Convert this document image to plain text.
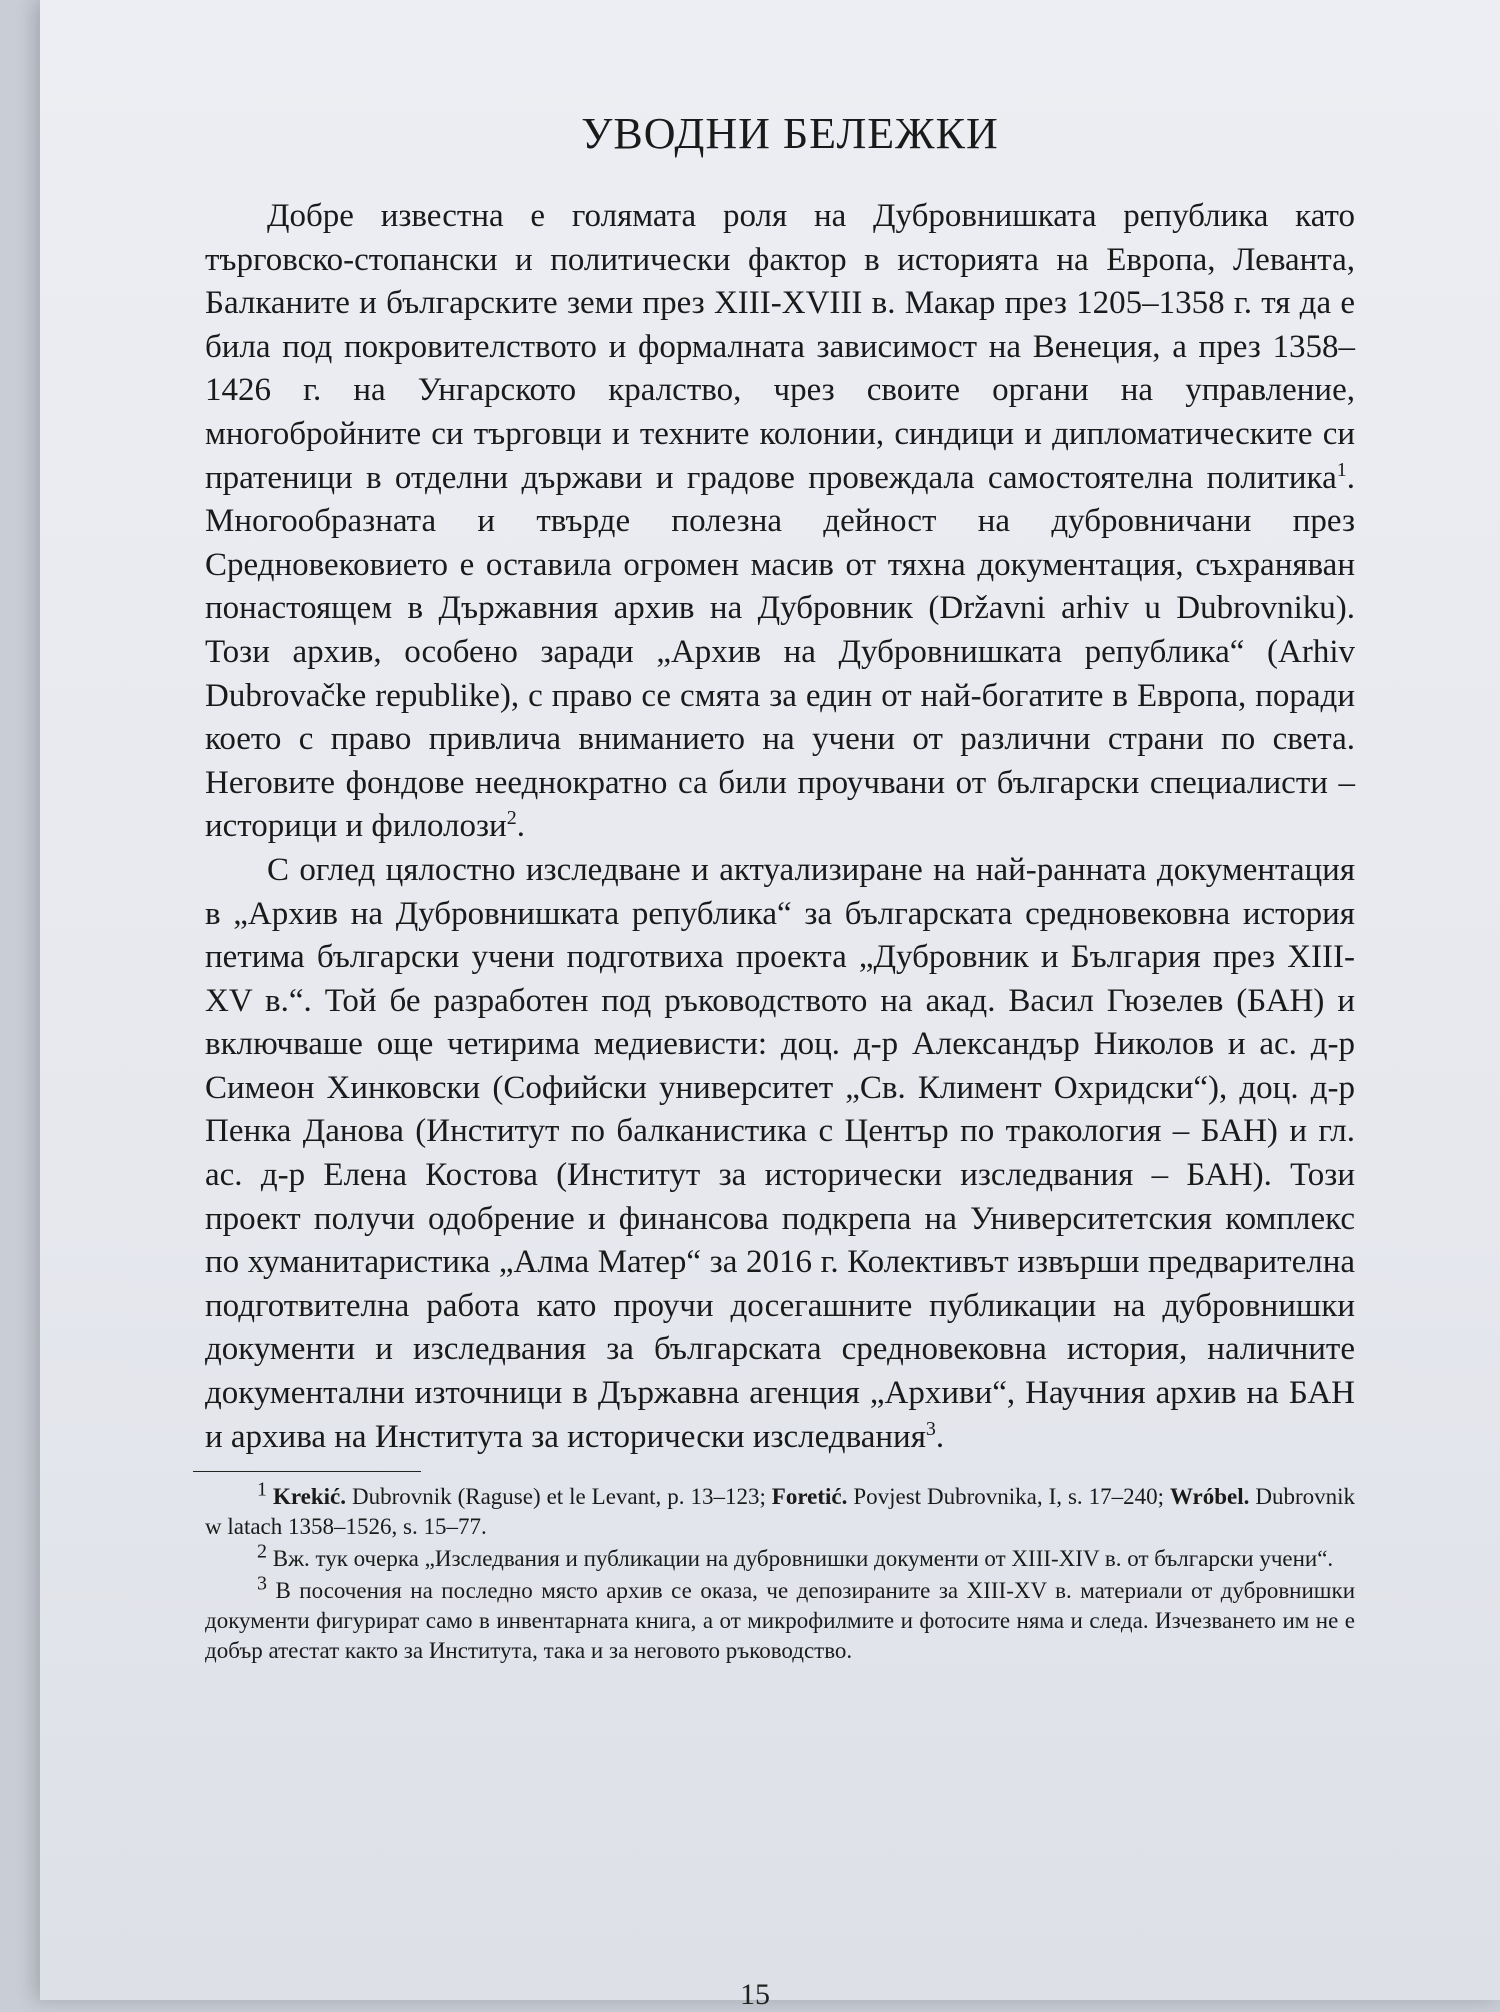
УВОДНИ БЕЛЕЖКИ

Добре известна е голямата роля на Дубровнишката република като търговско-стопански и политически фактор в историята на Европа, Леванта, Балканите и българските земи през XIII-XVIII в. Макар през 1205–1358 г. тя да е била под покровителството и формалната зависимост на Венеция, а през 1358–1426 г. на Унгарското кралство, чрез своите органи на управление, многобройните си търговци и техните колонии, синдици и дипломатическите си пратеници в отделни държави и градове провеждала самостоятелна политика$^1$. Многообразната и твърде полезна дейност на дубровничани през Средновековието е оставила огромен масив от тяхна документация, съхраняван понастоящем в Държавния архив на Дубровник (Državni arhiv u Dubrovniku). Този архив, особено заради „Архив на Дубровнишката република“ (Arhiv Dubrovačke republike), с право се смята за един от най-богатите в Европа, поради което с право привлича вниманието на учени от различни страни по света. Неговите фондове нееднократно са били проучвани от български специалисти – историци и филолози$^2$.

С оглед цялостно изследване и актуализиране на най-ранната документация в „Архив на Дубровнишката република“ за българската средновековна история петима български учени подготвиха проекта „Дубровник и България през XIII-XV в.“. Той бе разработен под ръководството на акад. Васил Гюзелев (БАН) и включваше още четирима медиевисти: доц. д-р Александър Николов и ас. д-р Симеон Хинковски (Софийски университет „Св. Климент Охридски“), доц. д-р Пенка Данова (Институт по балканистика с Център по тракология – БАН) и гл. ас. д-р Елена Костова (Институт за исторически изследвания – БАН). Този проект получи одобрение и финансова подкрепа на Университетския комплекс по хуманитаристика „Алма Матер“ за 2016 г. Колективът извърши предварителна подготвителна работа като проучи досегашните публикации на дубровнишки документи и изследвания за българската средновековна история, наличните документални източници в Държавна агенция „Архиви“, Научния архив на БАН и архива на Института за исторически изследвания$^3$.

$^1$ Krekić. Dubrovnik (Raguse) et le Levant, p. 13–123; Foretić. Povjest Dubrovnika, I, s. 17–240; Wróbel. Dubrovnik w latach 1358–1526, s. 15–77.

$^2$ Вж. тук очерка „Изследвания и публикации на дубровнишки документи от XIII-XIV в. от български учени“.

$^3$ В посочения на последно място архив се оказа, че депозираните за XIII-XV в. материали от дубровнишки документи фигурират само в инвентарната книга, а от микрофилмите и фотосите няма и следа. Изчезването им не е добър атестат както за Института, така и за неговото ръководство.

15
